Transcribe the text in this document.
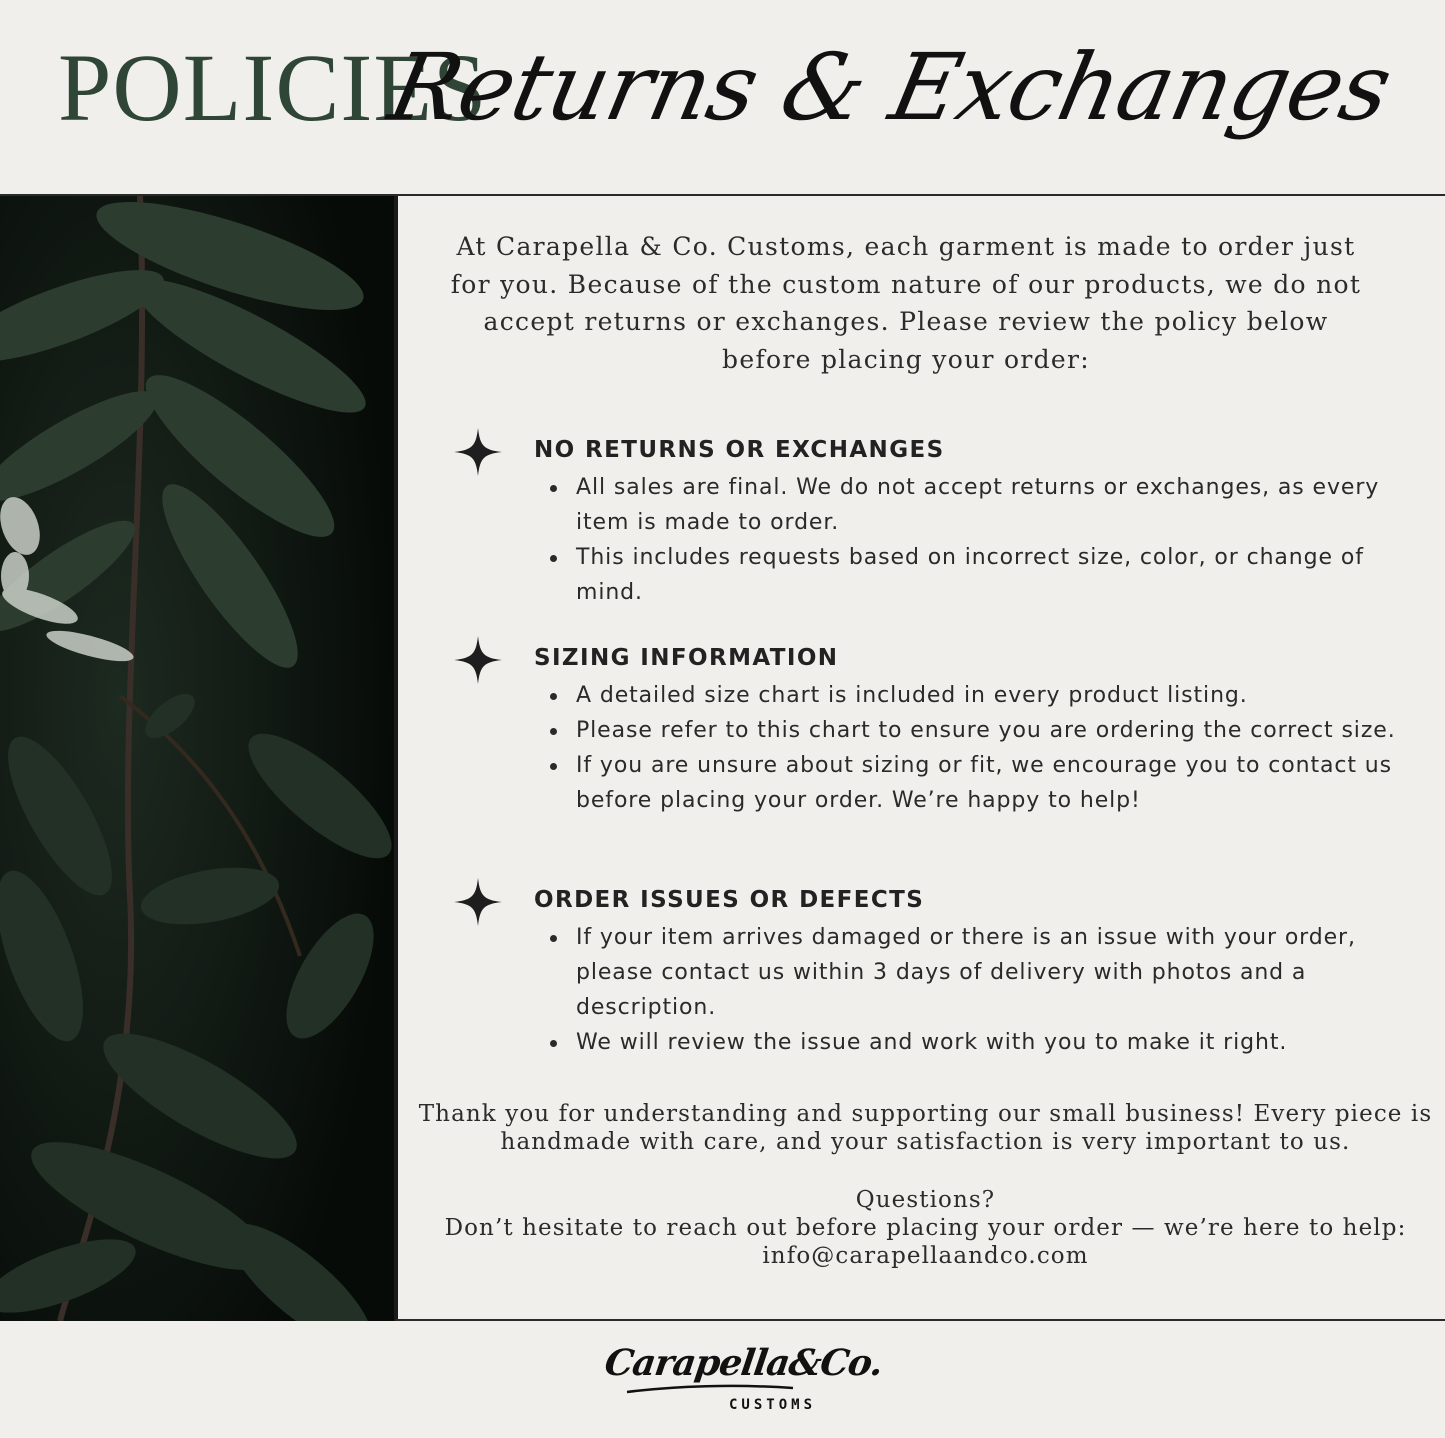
POLICIES
Returns & Exchanges

At Carapella & Co. Customs, each garment is made to order just for you. Because of the custom nature of our products, we do not accept returns or exchanges. Please review the policy below before placing your order:

NO RETURNS OR EXCHANGES
All sales are final. We do not accept returns or exchanges, as every item is made to order.
This includes requests based on incorrect size, color, or change of mind.
SIZING INFORMATION
A detailed size chart is included in every product listing.
Please refer to this chart to ensure you are ordering the correct size.
If you are unsure about sizing or fit, we encourage you to contact us before placing your order. We’re happy to help!
ORDER ISSUES OR DEFECTS
If your item arrives damaged or there is an issue with your order, please contact us within 3 days of delivery with photos and a description.
We will review the issue and work with you to make it right.

Thank you for understanding and supporting our small business! Every piece is handmade with care, and your satisfaction is very important to us.

Questions?
Don’t hesitate to reach out before placing your order — we’re here to help:
info@carapellaandco.com
Carapella&Co.
CUSTOMS
